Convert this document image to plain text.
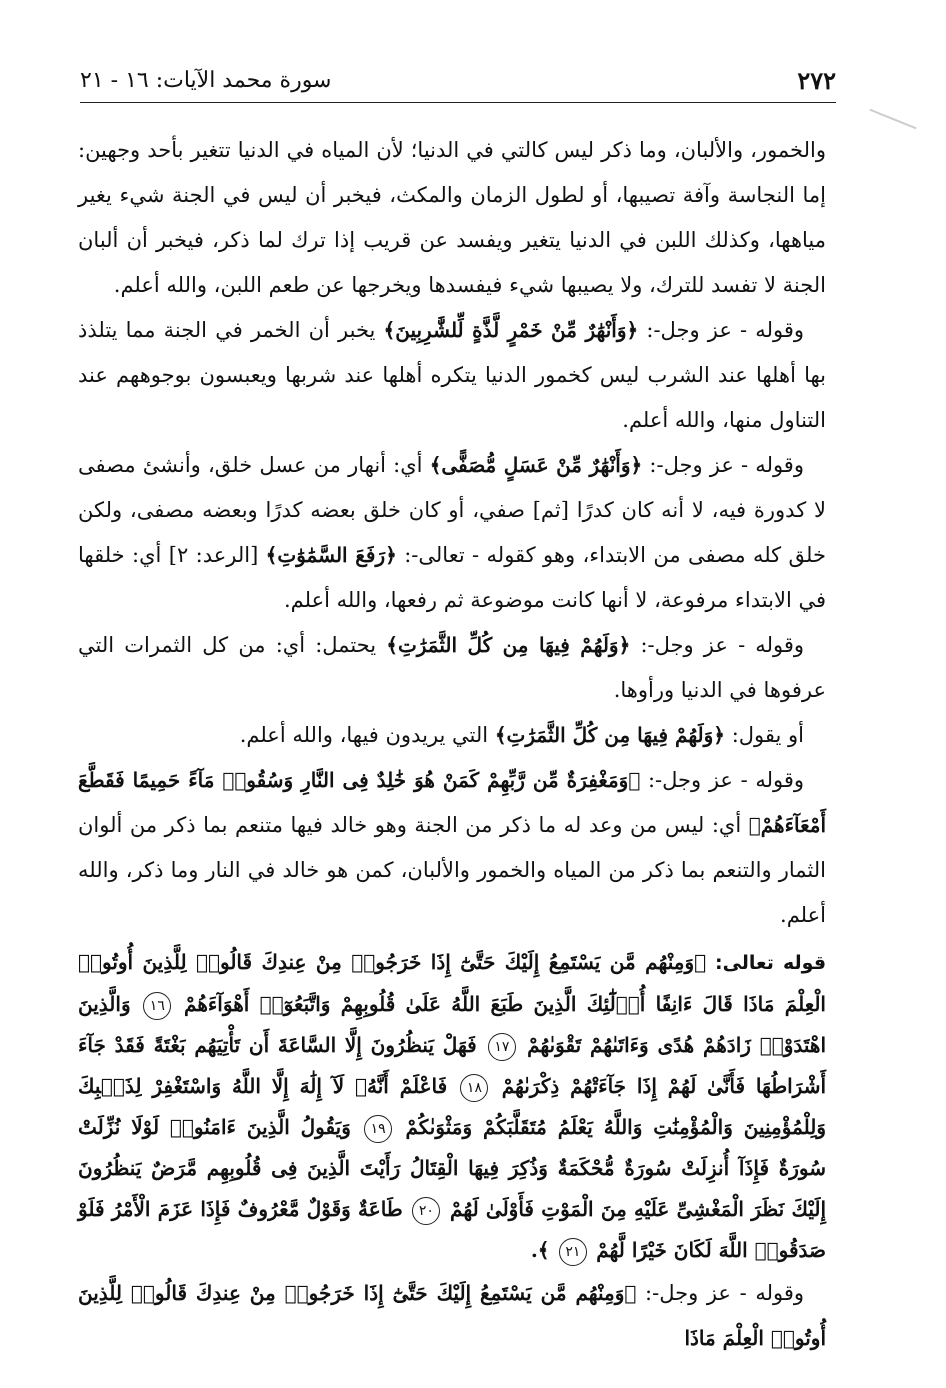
٢٧٢
سورة محمد الآيات: ١٦ - ٢١

والخمور، والألبان، وما ذكر ليس كالتي في الدنيا؛ لأن المياه في الدنيا تتغير بأحد وجهين: إما النجاسة وآفة تصيبها، أو لطول الزمان والمكث، فيخبر أن ليس في الجنة شيء يغير مياهها، وكذلك اللبن في الدنيا يتغير ويفسد عن قريب إذا ترك لما ذكر، فيخبر أن ألبان الجنة لا تفسد للترك، ولا يصيبها شيء فيفسدها ويخرجها عن طعم اللبن، والله أعلم.

وقوله - عز وجل-: ﴿وَأَنْهَٰرٌ مِّنْ خَمْرٍ لَّذَّةٍ لِّلشَّٰرِبِينَ﴾ يخبر أن الخمر في الجنة مما يتلذذ بها أهلها عند الشرب ليس كخمور الدنيا يتكره أهلها عند شربها ويعبسون بوجوههم عند التناول منها، والله أعلم.

وقوله - عز وجل-: ﴿وَأَنْهَٰرٌ مِّنْ عَسَلٍ مُّصَفًّى﴾ أي: أنهار من عسل خلق، وأنشئ مصفى لا كدورة فيه، لا أنه كان كدرًا [ثم] صفي، أو كان خلق بعضه كدرًا وبعضه مصفى، ولكن خلق كله مصفى من الابتداء، وهو كقوله - تعالى-: ﴿رَفَعَ السَّمَٰوَٰتِ﴾ [الرعد: ٢] أي: خلقها في الابتداء مرفوعة، لا أنها كانت موضوعة ثم رفعها، والله أعلم.

وقوله - عز وجل-: ﴿وَلَهُمْ فِيهَا مِن كُلِّ الثَّمَرَٰتِ﴾ يحتمل: أي: من كل الثمرات التي عرفوها في الدنيا ورأوها.

أو يقول: ﴿وَلَهُمْ فِيهَا مِن كُلِّ الثَّمَرَٰتِ﴾ التي يريدون فيها، والله أعلم.

وقوله - عز وجل-: ﴿وَمَغْفِرَةٌ مِّن رَّبِّهِمْ كَمَنْ هُوَ خَٰلِدٌ فِى النَّارِ وَسُقُوا۟ مَآءً حَمِيمًا فَقَطَّعَ أَمْعَآءَهُمْ﴾ أي: ليس من وعد له ما ذكر من الجنة وهو خالد فيها متنعم بما ذكر من ألوان الثمار والتنعم بما ذكر من المياه والخمور والألبان، كمن هو خالد في النار وما ذكر، والله أعلم.

قوله تعالى: ﴿وَمِنْهُم مَّن يَسْتَمِعُ إِلَيْكَ حَتَّىٰٓ إِذَا خَرَجُوا۟ مِنْ عِندِكَ قَالُوا۟ لِلَّذِينَ أُوتُوا۟ الْعِلْمَ مَاذَا قَالَ ءَانِفًا أُو۟لَٰٓئِكَ الَّذِينَ طَبَعَ اللَّهُ عَلَىٰ قُلُوبِهِمْ وَاتَّبَعُوٓا۟ أَهْوَآءَهُمْ ١٦ وَالَّذِينَ اهْتَدَوْا۟ زَادَهُمْ هُدًى وَءَاتَىٰهُمْ تَقْوَىٰهُمْ ١٧ فَهَلْ يَنظُرُونَ إِلَّا السَّاعَةَ أَن تَأْتِيَهُم بَغْتَةً فَقَدْ جَآءَ أَشْرَاطُهَا فَأَنَّىٰ لَهُمْ إِذَا جَآءَتْهُمْ ذِكْرَىٰهُمْ ١٨ فَاعْلَمْ أَنَّهُۥ لَآ إِلَٰهَ إِلَّا اللَّهُ وَاسْتَغْفِرْ لِذَنۢبِكَ وَلِلْمُؤْمِنِينَ وَالْمُؤْمِنَٰتِ وَاللَّهُ يَعْلَمُ مُتَقَلَّبَكُمْ وَمَثْوَىٰكُمْ ١٩ وَيَقُولُ الَّذِينَ ءَامَنُوا۟ لَوْلَا نُزِّلَتْ سُورَةٌ فَإِذَآ أُنزِلَتْ سُورَةٌ مُّحْكَمَةٌ وَذُكِرَ فِيهَا الْقِتَالُ رَأَيْتَ الَّذِينَ فِى قُلُوبِهِم مَّرَضٌ يَنظُرُونَ إِلَيْكَ نَظَرَ الْمَغْشِىِّ عَلَيْهِ مِنَ الْمَوْتِ فَأَوْلَىٰ لَهُمْ ٢٠ طَاعَةٌ وَقَوْلٌ مَّعْرُوفٌ فَإِذَا عَزَمَ الْأَمْرُ فَلَوْ صَدَقُوا۟ اللَّهَ لَكَانَ خَيْرًا لَّهُمْ ٢١ ﴾.

وقوله - عز وجل-: ﴿وَمِنْهُم مَّن يَسْتَمِعُ إِلَيْكَ حَتَّىٰٓ إِذَا خَرَجُوا۟ مِنْ عِندِكَ قَالُوا۟ لِلَّذِينَ أُوتُوا۟ الْعِلْمَ مَاذَا
